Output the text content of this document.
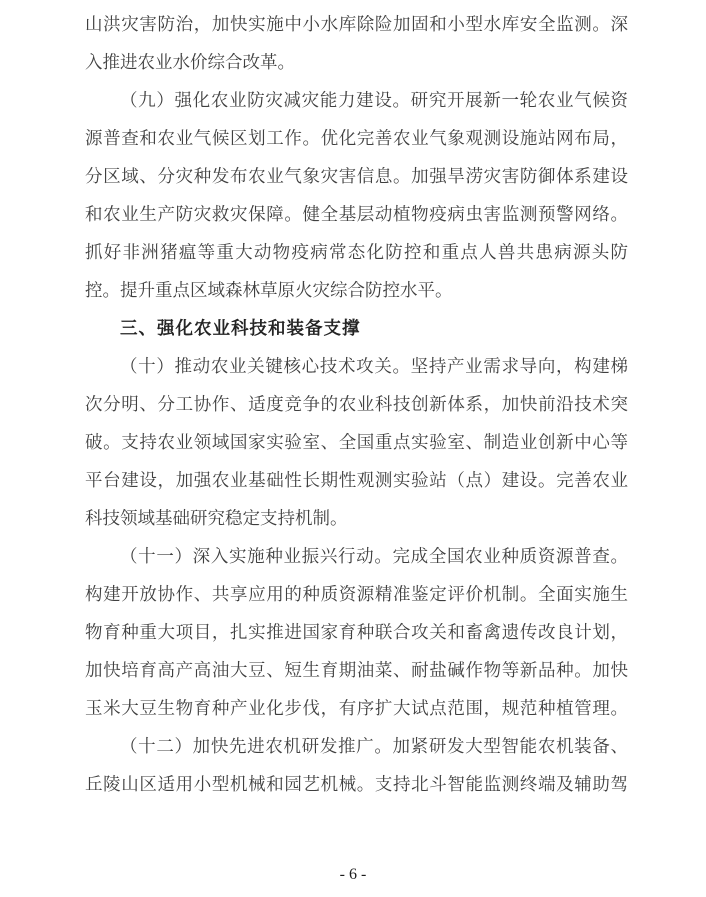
山洪灾害防治，加快实施中小水库除险加固和小型水库安全监测。深
入推进农业水价综合改革。
（九）强化农业防灾减灾能力建设。研究开展新一轮农业气候资
源普查和农业气候区划工作。优化完善农业气象观测设施站网布局，
分区域、分灾种发布农业气象灾害信息。加强旱涝灾害防御体系建设
和农业生产防灾救灾保障。健全基层动植物疫病虫害监测预警网络。
抓好非洲猪瘟等重大动物疫病常态化防控和重点人兽共患病源头防
控。提升重点区域森林草原火灾综合防控水平。
三、强化农业科技和装备支撑
（十）推动农业关键核心技术攻关。坚持产业需求导向，构建梯
次分明、分工协作、适度竞争的农业科技创新体系，加快前沿技术突
破。支持农业领域国家实验室、全国重点实验室、制造业创新中心等
平台建设，加强农业基础性长期性观测实验站（点）建设。完善农业
科技领域基础研究稳定支持机制。
（十一）深入实施种业振兴行动。完成全国农业种质资源普查。
构建开放协作、共享应用的种质资源精准鉴定评价机制。全面实施生
物育种重大项目，扎实推进国家育种联合攻关和畜禽遗传改良计划，
加快培育高产高油大豆、短生育期油菜、耐盐碱作物等新品种。加快
玉米大豆生物育种产业化步伐，有序扩大试点范围，规范种植管理。
（十二）加快先进农机研发推广。加紧研发大型智能农机装备、
丘陵山区适用小型机械和园艺机械。支持北斗智能监测终端及辅助驾
- 6 -
